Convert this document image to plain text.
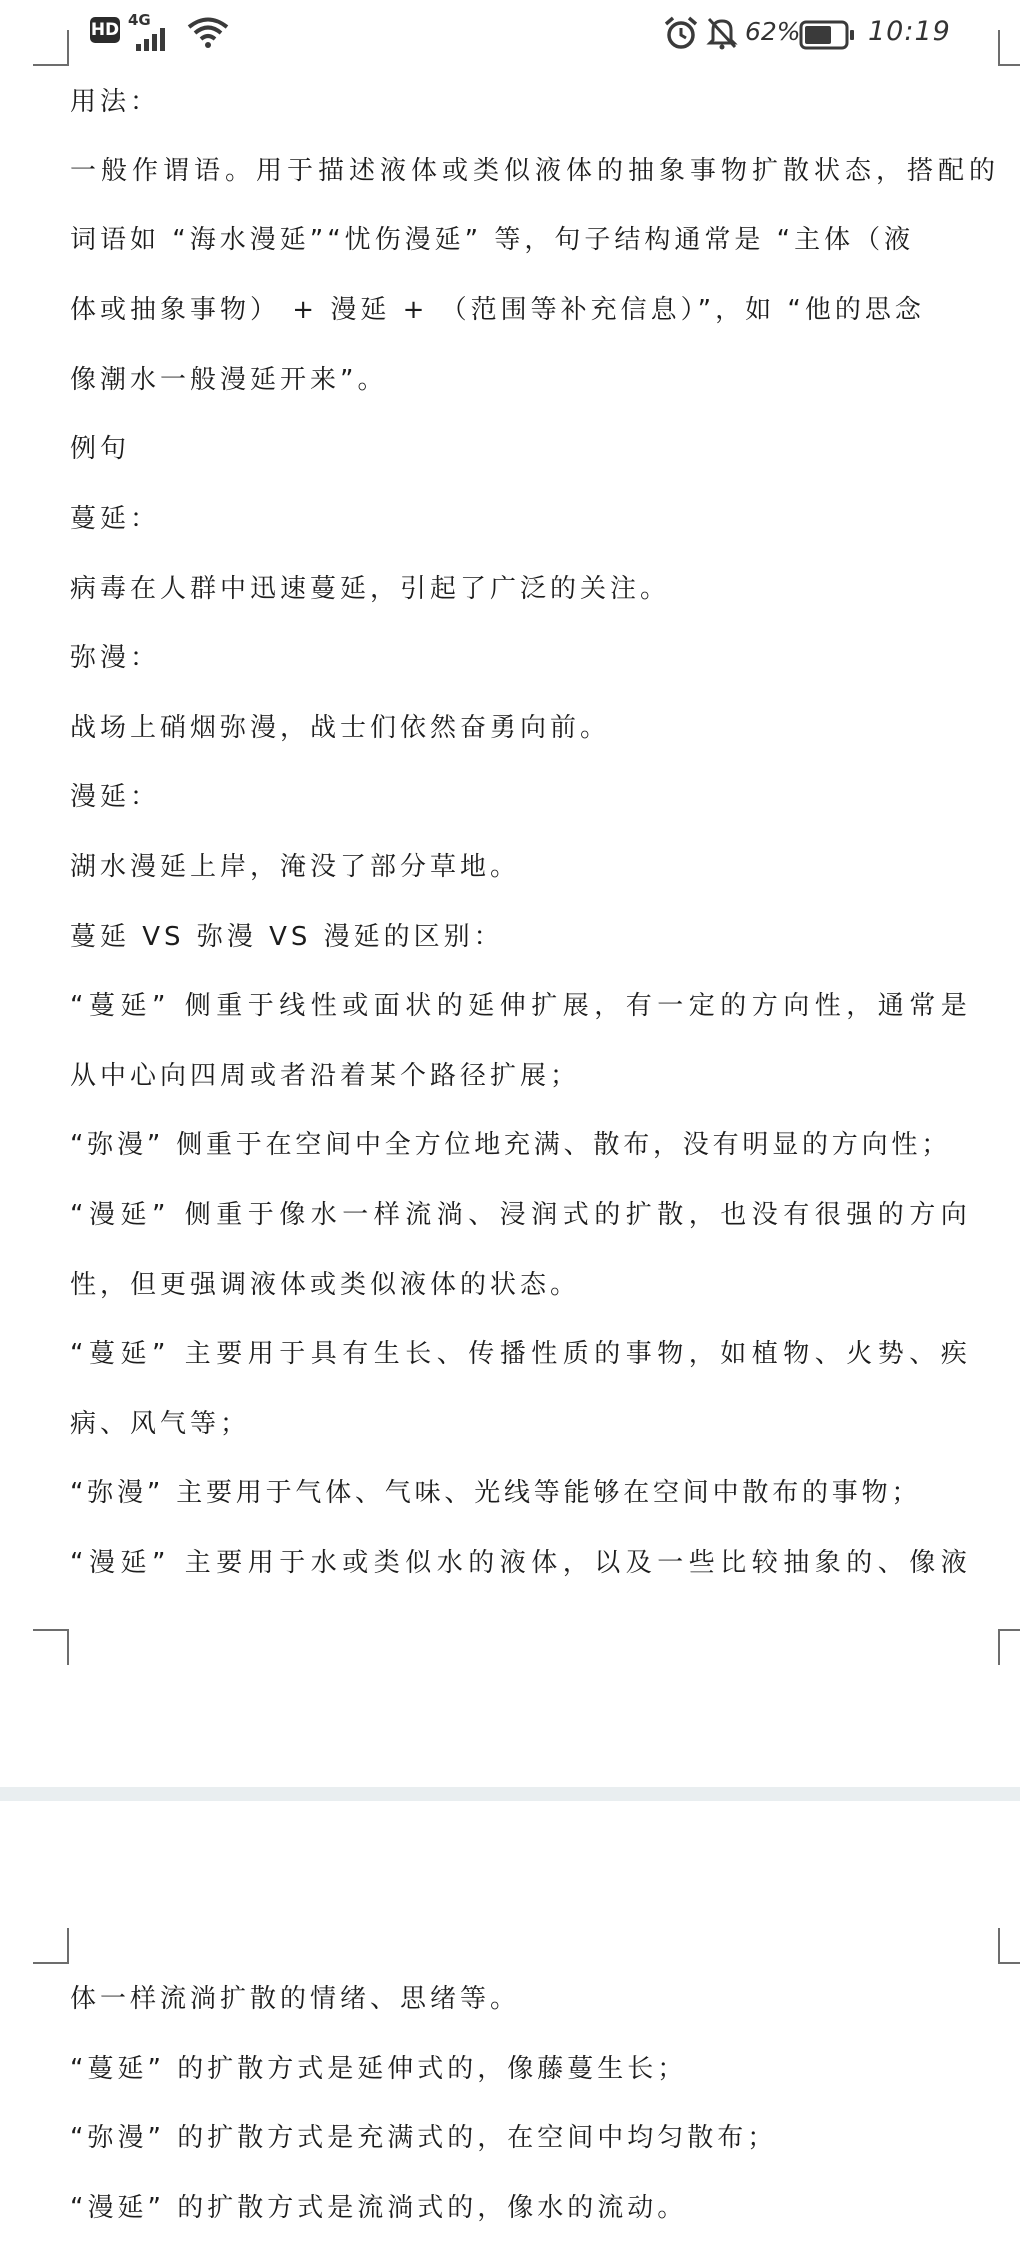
HD 4G	62% 10:19
用法：
一般作谓语。用于描述液体或类似液体的抽象事物扩散状态，搭配的
词语如 “海水漫延”“忧伤漫延” 等，句子结构通常是 “主体（液
体或抽象事物） + 漫延 + （范围等补充信息）”，如 “他的思念
像潮水一般漫延开来”。
例句
蔓延：
病毒在人群中迅速蔓延，引起了广泛的关注。
弥漫：
战场上硝烟弥漫，战士们依然奋勇向前。
漫延：
湖水漫延上岸，淹没了部分草地。
蔓延 VS 弥漫 VS 漫延的区别：
“蔓延” 侧重于线性或面状的延伸扩展，有一定的方向性，通常是
从中心向四周或者沿着某个路径扩展；
“弥漫” 侧重于在空间中全方位地充满、散布，没有明显的方向性；
“漫延” 侧重于像水一样流淌、浸润式的扩散，也没有很强的方向
性，但更强调液体或类似液体的状态。
“蔓延” 主要用于具有生长、传播性质的事物，如植物、火势、疾
病、风气等；
“弥漫” 主要用于气体、气味、光线等能够在空间中散布的事物；
“漫延” 主要用于水或类似水的液体，以及一些比较抽象的、像液
体一样流淌扩散的情绪、思绪等。
“蔓延” 的扩散方式是延伸式的，像藤蔓生长；
“弥漫” 的扩散方式是充满式的，在空间中均匀散布；
“漫延” 的扩散方式是流淌式的，像水的流动。
